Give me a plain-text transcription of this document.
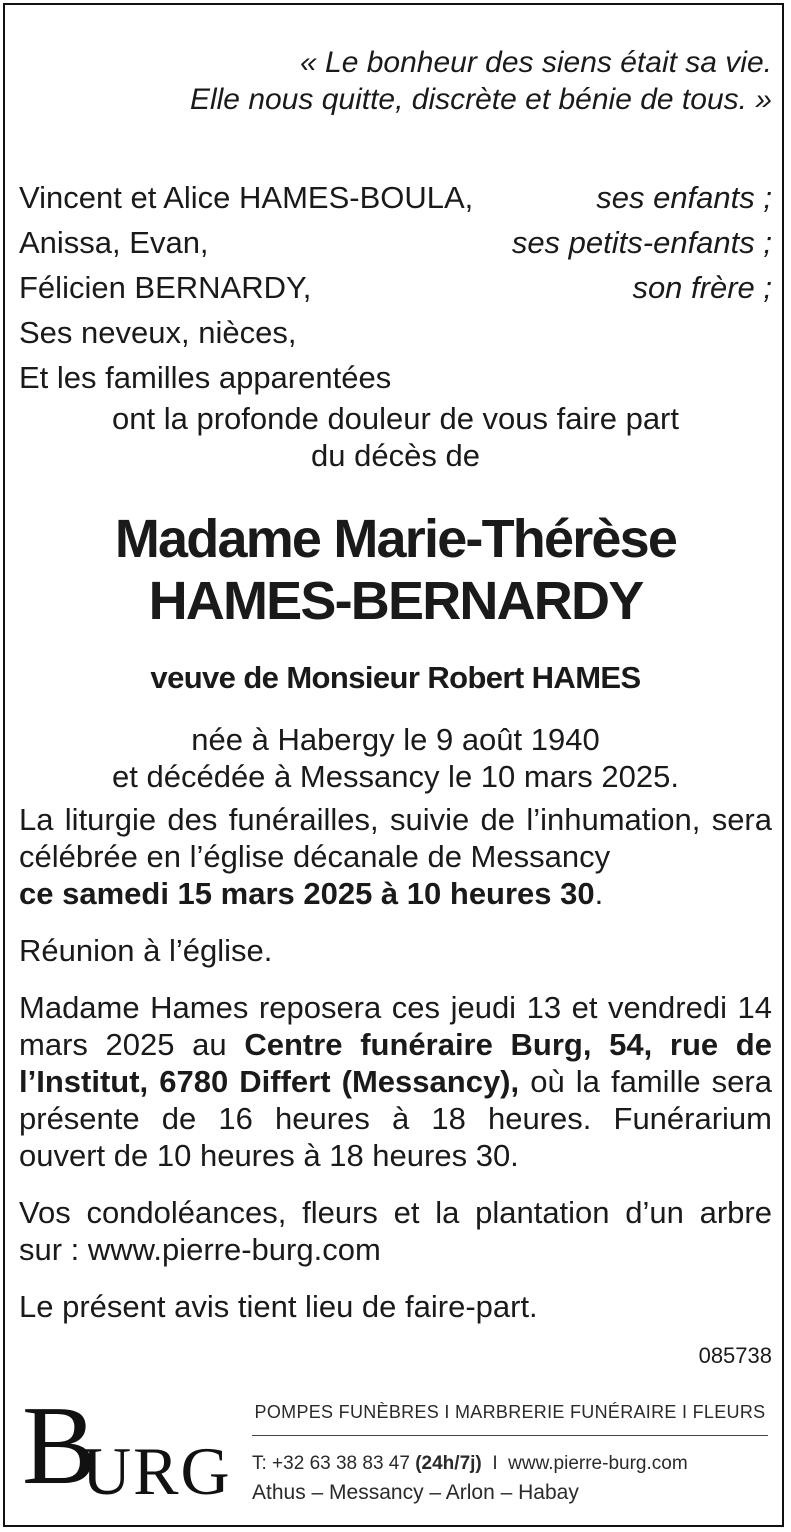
« Le bonheur des siens était sa vie.
Elle nous quitte, discrète et bénie de tous. »
Vincent et Alice HAMES-BOULA,	ses enfants ;
Anissa, Evan,	ses petits-enfants ;
Félicien BERNARDY,	son frère ;
Ses neveux, nièces,
Et les familles apparentées
ont la profonde douleur de vous faire part
du décès de
Madame Marie-Thérèse
HAMES-BERNARDY
veuve de Monsieur Robert HAMES
née à Habergy le 9 août 1940
et décédée à Messancy le 10 mars 2025.
La liturgie des funérailles, suivie de l’inhumation, sera célébrée en l’église décanale de Messancy
ce samedi 15 mars 2025 à 10 heures 30.
Réunion à l’église.
Madame Hames reposera ces jeudi 13 et vendredi 14 mars 2025 au Centre funéraire Burg, 54, rue de l’Institut, 6780 Differt (Messancy), où la famille sera présente de 16 heures à 18 heures. Funérarium ouvert de 10 heures à 18 heures 30.
Vos condoléances, fleurs et la plantation d’un arbre sur : www.pierre-burg.com
Le présent avis tient lieu de faire-part.
085738
B
URG
POMPES FUNÈBRES I MARBRERIE FUNÉRAIRE I FLEURS
T: +32 63 38 83 47 (24h/7j) I www.pierre-burg.com
Athus – Messancy – Arlon – Habay
